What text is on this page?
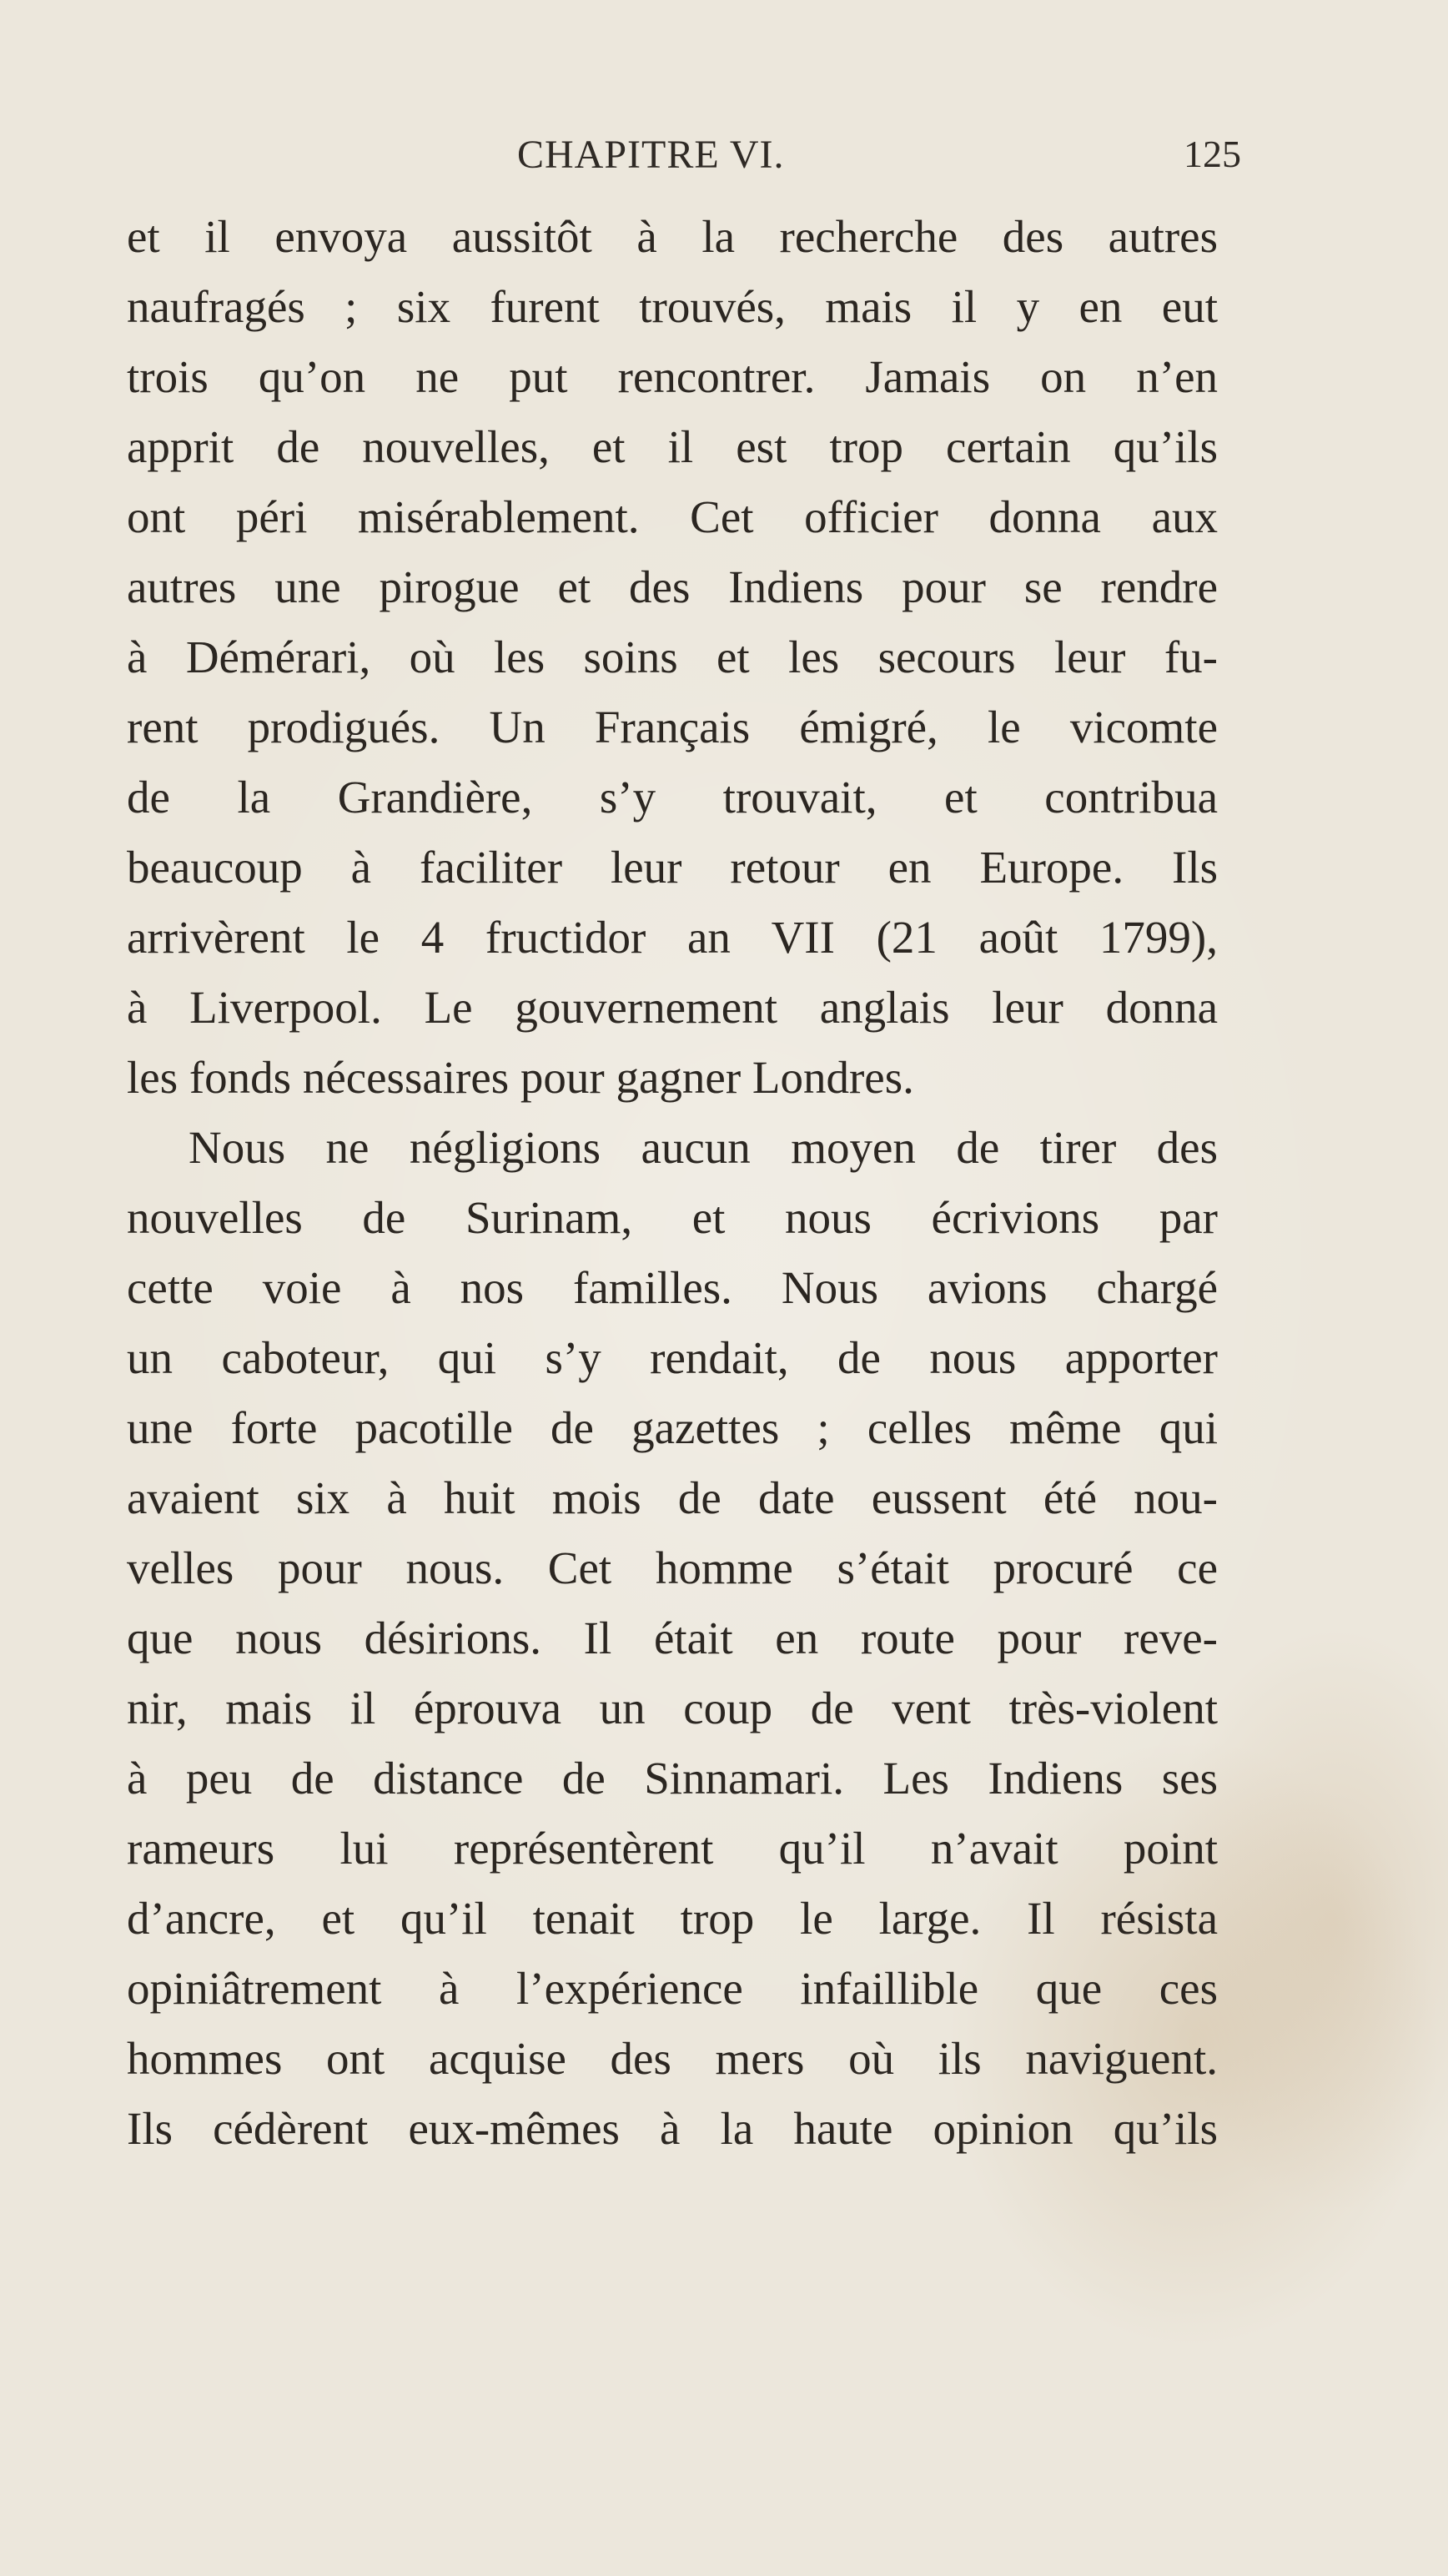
CHAPITRE VI.	125
et il envoya aussitôt à la recherche des autres
naufragés ; six furent trouvés, mais il y en eut
trois qu’on ne put rencontrer. Jamais on n’en
apprit de nouvelles, et il est trop certain qu’ils
ont péri misérablement. Cet officier donna aux
autres une pirogue et des Indiens pour se rendre
à Démérari, où les soins et les secours leur fu-
rent prodigués. Un Français émigré, le vicomte
de la Grandière, s’y trouvait, et contribua
beaucoup à faciliter leur retour en Europe. Ils
arrivèrent le 4 fructidor an VII (21 août 1799),
à Liverpool. Le gouvernement anglais leur donna
les fonds nécessaires pour gagner Londres.
Nous ne négligions aucun moyen de tirer des
nouvelles de Surinam, et nous écrivions par
cette voie à nos familles. Nous avions chargé
un caboteur, qui s’y rendait, de nous apporter
une forte pacotille de gazettes ; celles même qui
avaient six à huit mois de date eussent été nou-
velles pour nous. Cet homme s’était procuré ce
que nous désirions. Il était en route pour reve-
nir, mais il éprouva un coup de vent très-violent
à peu de distance de Sinnamari. Les Indiens ses
rameurs lui représentèrent qu’il n’avait point
d’ancre, et qu’il tenait trop le large. Il résista
opiniâtrement à l’expérience infaillible que ces
hommes ont acquise des mers où ils naviguent.
Ils cédèrent eux-mêmes à la haute opinion qu’ils
